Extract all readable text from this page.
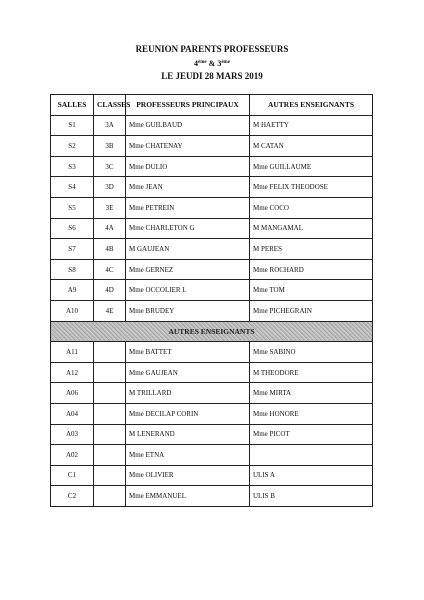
REUNION PARENTS PROFESSEURS
4ème & 3ème
LE JEUDI 28 MARS 2019
SALLES	CLASSES	PROFESSEURS PRINCIPAUX	AUTRES ENSEIGNANTS
S1	3A	Mme GUILBAUD	M HAETTY
S2	3B	Mme CHATENAY	M CATAN
S3	3C	Mme DULIO	Mme GUILLAUME
S4	3D	Mme JEAN	Mme FELIX THEODOSE
S5	3E	Mme PETREIN	Mme COCO
S6	4A	Mme CHARLETON G	M MANGAMAL
S7	4B	M GAUJEAN	M PERES
S8	4C	Mme GERNEZ	Mme ROCHARD
A9	4D	Mme OCCOLIER L	Mme TOM
A10	4E	Mme BRUDEY	Mme PICHEGRAIN
AUTRES ENSEIGNANTS			
A11		Mme BATTET	Mme SABINO
A12		Mme GAUJEAN	M THEODORE
A06		M TRILLARD	Mme MIRTA
A04		Mme DECILAP CORIN	Mme HONORE
A03		M LENERAND	Mme PICOT
A02		Mme ETNA	
C1		Mme OLIVIER	ULIS A
C2		Mme EMMANUEL	ULIS B
